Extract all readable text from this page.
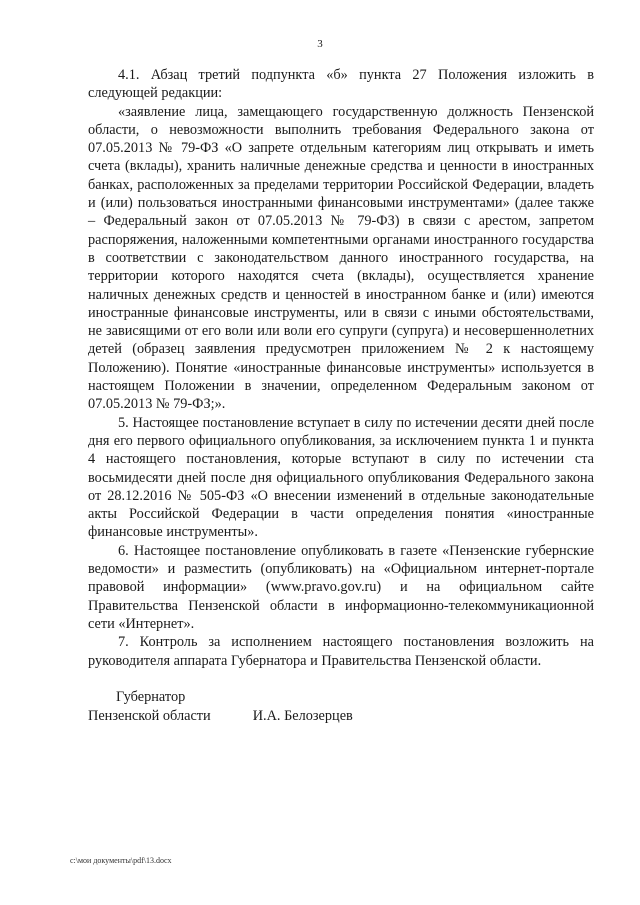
3

4.1. Абзац третий подпункта «б» пункта 27 Положения изложить в следующей редакции:

«заявление лица, замещающего государственную должность Пензенской области, о невозможности выполнить требования Федерального закона от 07.05.2013 № 79-ФЗ «О запрете отдельным категориям лиц открывать и иметь счета (вклады), хранить наличные денежные средства и ценности в иностранных банках, расположенных за пределами территории Российской Федерации, владеть и (или) пользоваться иностранными финансовыми инструментами» (далее также – Федеральный закон от 07.05.2013 № 79-ФЗ) в связи с арестом, запретом распоряжения, наложенными компетентными органами иностранного государства в соответствии с законодательством данного иностранного государства, на территории которого находятся счета (вклады), осуществляется хранение наличных денежных средств и ценностей в иностранном банке и (или) имеются иностранные финансовые инструменты, или в связи с иными обстоятельствами, не зависящими от его воли или воли его супруги (супруга) и несовершеннолетних детей (образец заявления предусмотрен приложением № 2 к настоящему Положению). Понятие «иностранные финансовые инструменты» используется в настоящем Положении в значении, определенном Федеральным законом от 07.05.2013 № 79-ФЗ;».

5. Настоящее постановление вступает в силу по истечении десяти дней после дня его первого официального опубликования, за исключением пункта 1 и пункта 4 настоящего постановления, которые вступают в силу по истечении ста восьмидесяти дней после дня официального опубликования Федерального закона от 28.12.2016 № 505-ФЗ «О внесении изменений в отдельные законодательные акты Российской Федерации в части определения понятия «иностранные финансовые инструменты».

6. Настоящее постановление опубликовать в газете «Пензенские губернские ведомости» и разместить (опубликовать) на «Официальном интернет-портале правовой информации» (www.pravo.gov.ru) и на официальном сайте Правительства Пензенской области в информационно-телекоммуникационной сети «Интернет».

7. Контроль за исполнением настоящего постановления возложить на руководителя аппарата Губернатора и Правительства Пензенской области.

Губернатор
Пензенской области	И.А. Белозерцев
c:\мои документы\pdf\13.docx
